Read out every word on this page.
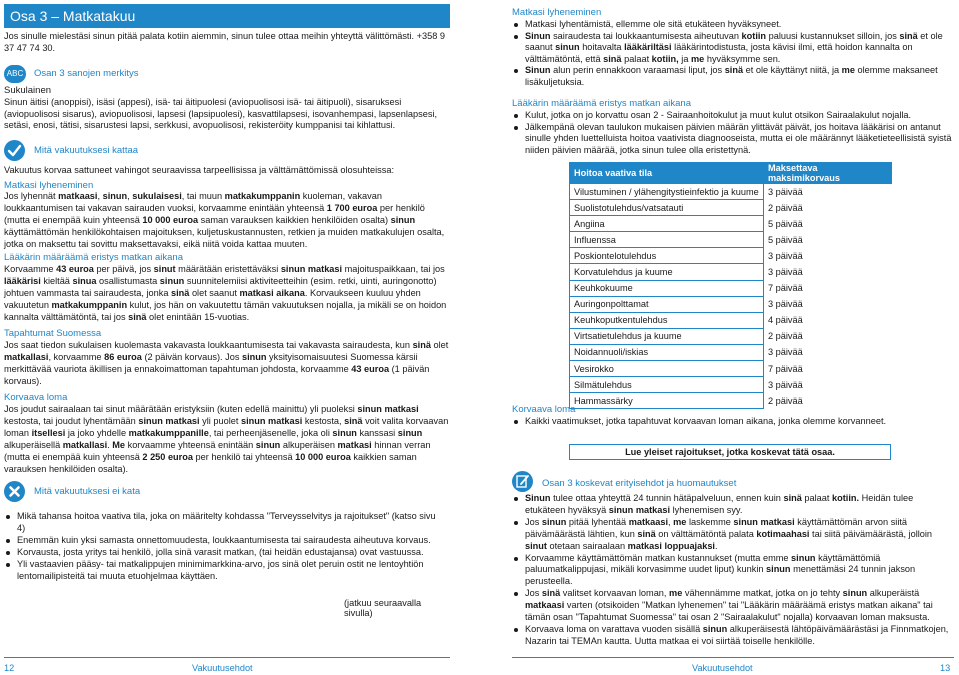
Osa 3 – Matkatakuu
Jos sinulle mielestäsi sinun pitää palata kotiin aiemmin, sinun tulee ottaa meihin yhteyttä välittömästi. +358 9 37 47 74 30.
ABC Osan 3 sanojen merkitys
Sukulainen
Sinun äitisi (anoppisi), isäsi (appesi), isä- tai äitipuolesi (aviopuolisosi isä- tai äitipuoli), sisaruksesi (aviopuolisosi sisarus), aviopuolisosi, lapsesi (lapsipuolesi), kasvattilapsesi, isovanhempasi, lapsenlapsesi, setäsi, enosi, tätisi, sisarustesi lapsi, serkkusi, avopuolisosi, rekisteröity kumppanisi tai kihlattusi.
Mitä vakuutuksesi kattaa
Vakuutus korvaa sattuneet vahingot seuraavissa tarpeellisissa ja välttämättömissä olosuhteissa:
Matkasi lyheneminen
Jos lyhennät matkaasi, sinun, sukulaisesi, tai muun matkakumppanin kuoleman, vakavan loukkaantumisen tai vakavan sairauden vuoksi, korvaamme enintään yhteensä 1 700 euroa per henkilö (mutta ei enempää kuin yhteensä 10 000 euroa saman varauksen kaikkien henkilöiden osalta) sinun käyttämättömän henkilökohtaisen majoituksen, kuljetuskustannusten, retkien ja muiden matkakulujen osalta, jotka on maksettu tai sovittu maksettavaksi, eikä niitä voida kattaa muuten.
Lääkärin määräämä eristys matkan aikana
Korvaamme 43 euroa per päivä, jos sinut määrätään eristettäväksi sinun matkasi majoituspaikkaan, tai jos lääkärisi kieltää sinua osallistumasta sinun suunnitelemiisi aktiviteetteihin (esim. retki, uinti, auringonotto) johtuen vammasta tai sairaudesta, jonka sinä olet saanut matkasi aikana. Korvaukseen kuuluu yhden vakuutetun matkakumppanin kulut, jos hän on vakuutettu tämän vakuutuksen nojalla, ja mikäli se on hoidon kannalta välttämätöntä, tai jos sinä olet enintään 15-vuotias.
Tapahtumat Suomessa
Jos saat tiedon sukulaisen kuolemasta vakavasta loukkaantumisesta tai vakavasta sairaudesta, kun sinä olet matkallasi, korvaamme 86 euroa (2 päivän korvaus). Jos sinun yksityisomaisuutesi Suomessa kärsii merkittävää vauriota äkillisen ja ennakoimattoman tapahtuman johdosta, korvaamme 43 euroa (1 päivän korvaus).
Korvaava loma
Jos joudut sairaalaan tai sinut määrätään eristyksiin (kuten edellä mainittu) yli puoleksi sinun matkasi kestosta, tai joudut lyhentämään sinun matkasi yli puolet sinun matkasi kestosta, sinä voit valita korvaavan loman itsellesi ja joko yhdelle matkakumppanille, tai perheenjäsenelle, joka oli sinun kanssasi sinun alkuperäisellä matkallasi. Me korvaamme yhteensä enintään sinun alkuperäisen matkasi hinnan verran (mutta ei enempää kuin yhteensä 2 250 euroa per henkilö tai yhteensä 10 000 euroa kaikkien saman varauksen henkilöiden osalta).
Mitä vakuutuksesi ei kata
Mikä tahansa hoitoa vaativa tila, joka on määritelty kohdassa "Terveysselvitys ja rajoitukset" (katso sivu 4)
Enemmän kuin yksi samasta onnettomuudesta, loukkaantumisesta tai sairaudesta aiheutuva korvaus.
Korvausta, josta yritys tai henkilö, jolla sinä varasit matkan, (tai heidän edustajansa) ovat vastuussa.
Yli vastaavien pääsy- tai matkalippujen minimimarkkina-arvo, jos sinä olet peruin ostit ne lentoyhtiön lentomailipisteitä tai muuta etuohjelmaa käyttäen.
(jatkuu seuraavalla sivulla)
12	Vakuutusehdot
Matkasi lyheneminen
Matkasi lyhentämistä, ellemme ole sitä etukäteen hyväksyneet.
Sinun sairaudesta tai loukkaantumisesta aiheutuvan kotiin paluusi kustannukset silloin, jos sinä et ole saanut sinun hoitavalta lääkäriltäsi lääkärintodistusta, josta kävisi ilmi, että hoidon kannalta on välttämätöntä, että sinä palaat kotiin, ja me hyväksymme sen.
Sinun alun perin ennakkoon varaamasi liput, jos sinä et ole käyttänyt niitä, ja me olemme maksaneet lisäkuljetuksia.
Lääkärin määräämä eristys matkan aikana
Kulut, jotka on jo korvattu osan 2 - Sairaanhoitokulut ja muut kulut otsikon Sairaalakulut nojalla.
Jälkempänä olevan taulukon mukaisen päivien määrän ylittävät päivät, jos hoitava lääkärisi on antanut sinulle yhden luettelluista hoitoa vaativista diagnooseista, mutta ei ole määrännyt lääketieteellisistä syistä niiden päivien määrää, jotka sinun tulee olla eristettynä.
Hoitoa vaativa tila	Maksettava maksimikorvaus
Vilustuminen / ylähengitystieinfektio ja kuume	3 päivää
Suolistotulehdus/vatsatauti	2 päivää
Angiina	5 päivää
Influenssa	5 päivää
Poskiontelotulehdus	3 päivää
Korvatulehdus ja kuume	3 päivää
Keuhkokuume	7 päivää
Auringonpolttamat	3 päivää
Keuhkoputkentulehdus	4 päivää
Virtsatietulehdus ja kuume	2 päivää
Noidannuoli/iskias	3 päivää
Vesirokko	7 päivää
Silmätulehdus	3 päivää
Hammassärky	2 päivää
Korvaava loma
Kaikki vaatimukset, jotka tapahtuvat korvaavan loman aikana, jonka olemme korvanneet.
Lue yleiset rajoitukset, jotka koskevat tätä osaa.
Osan 3 koskevat erityisehdot ja huomautukset
Sinun tulee ottaa yhteyttä 24 tunnin hätäpalveluun, ennen kuin sinä palaat kotiin. Heidän tulee etukäteen hyväksyä sinun matkasi lyhenemisen syy.
Jos sinun pitää lyhentää matkaasi, me laskemme sinun matkasi käyttämättömän arvon siitä päivämäärästä lähtien, kun sinä on välttämätöntä palata kotimaahasi tai siitä päivämäärästä, jolloin sinut otetaan sairaalaan matkasi loppuajaksi.
Korvaamme käyttämättömän matkan kustannukset (mutta emme sinun käyttämättömiä paluumatkalippujasi, mikäli korvasimme uudet liput) kunkin sinun menettämäsi 24 tunnin jakson perusteella.
Jos sinä valitset korvaavan loman, me vähennämme matkat, jotka on jo tehty sinun alkuperäistä matkaasi varten (otsikoiden "Matkan lyhenemen" tai "Lääkärin määräämä eristys matkan aikana" tai tämän osan "Tapahtumat Suomessa" tai osan 2 "Sairaalakulut" nojalla) korvaavan loman maksusta.
Korvaava loma on varattava vuoden sisällä sinun alkuperäisestä lähtöpäivämäärästäsi ja Finnmatkojen, Nazarin tai TEMAn kautta. Uutta matkaa ei voi siirtää toiselle henkilölle.
Vakuutusehdot	13
